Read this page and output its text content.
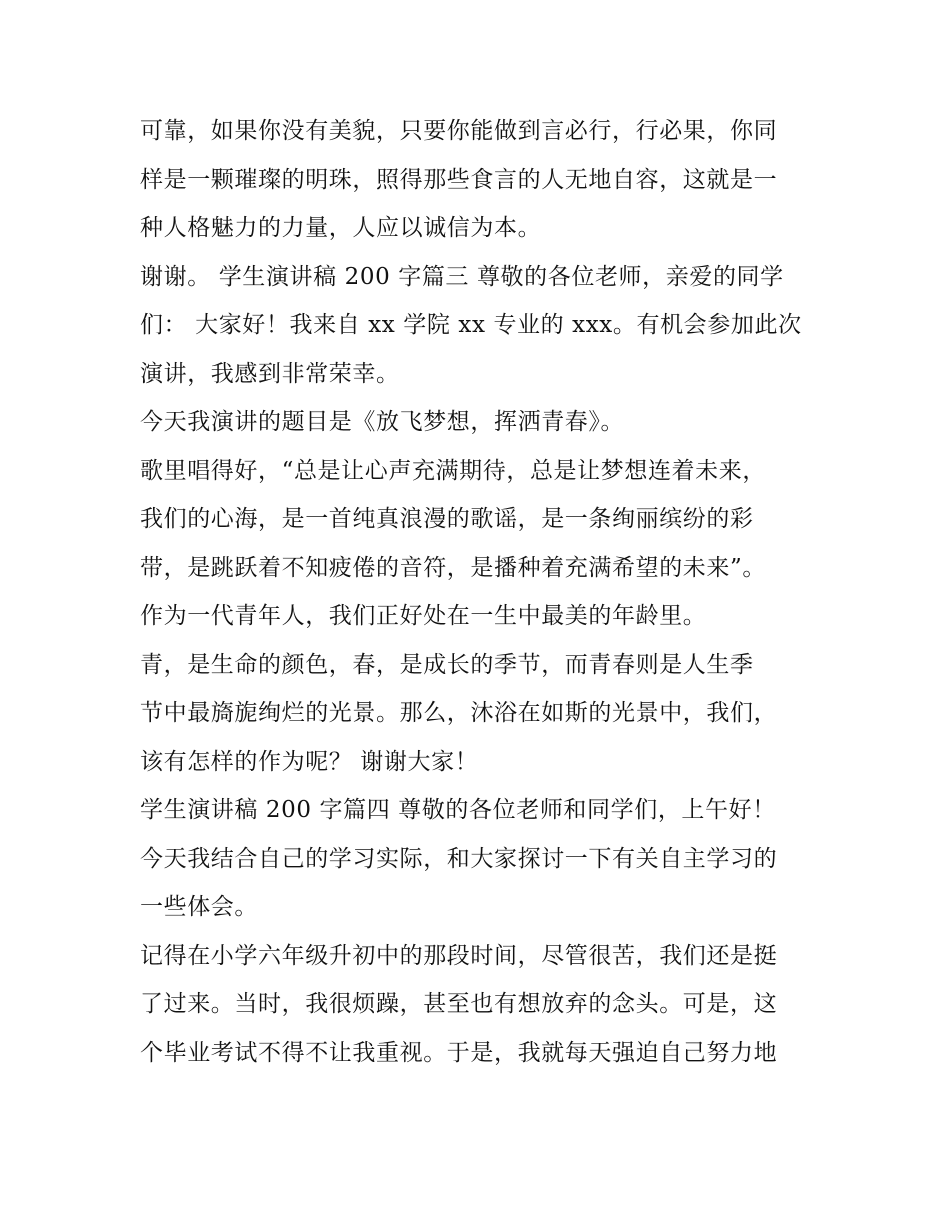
可靠，如果你没有美貌，只要你能做到言必行，行必果，你同
样是一颗璀璨的明珠，照得那些食言的人无地自容，这就是一
种人格魅力的力量，人应以诚信为本。
谢谢。 学生演讲稿 200 字篇三 尊敬的各位老师，亲爱的同学
们： 大家好！我来自 xx 学院 xx 专业的 xxx。有机会参加此次
演讲，我感到非常荣幸。
今天我演讲的题目是《放飞梦想，挥洒青春》。
歌里唱得好，“总是让心声充满期待，总是让梦想连着未来，
我们的心海，是一首纯真浪漫的歌谣，是一条绚丽缤纷的彩
带，是跳跃着不知疲倦的音符，是播种着充满希望的未来”。
作为一代青年人，我们正好处在一生中最美的年龄里。
青，是生命的颜色，春，是成长的季节，而青春则是人生季
节中最旖旎绚烂的光景。那么，沐浴在如斯的光景中，我们，
该有怎样的作为呢？ 谢谢大家！
学生演讲稿 200 字篇四 尊敬的各位老师和同学们，上午好！
今天我结合自己的学习实际，和大家探讨一下有关自主学习的
一些体会。
记得在小学六年级升初中的那段时间，尽管很苦，我们还是挺
了过来。当时，我很烦躁，甚至也有想放弃的念头。可是，这
个毕业考试不得不让我重视。于是，我就每天强迫自己努力地
